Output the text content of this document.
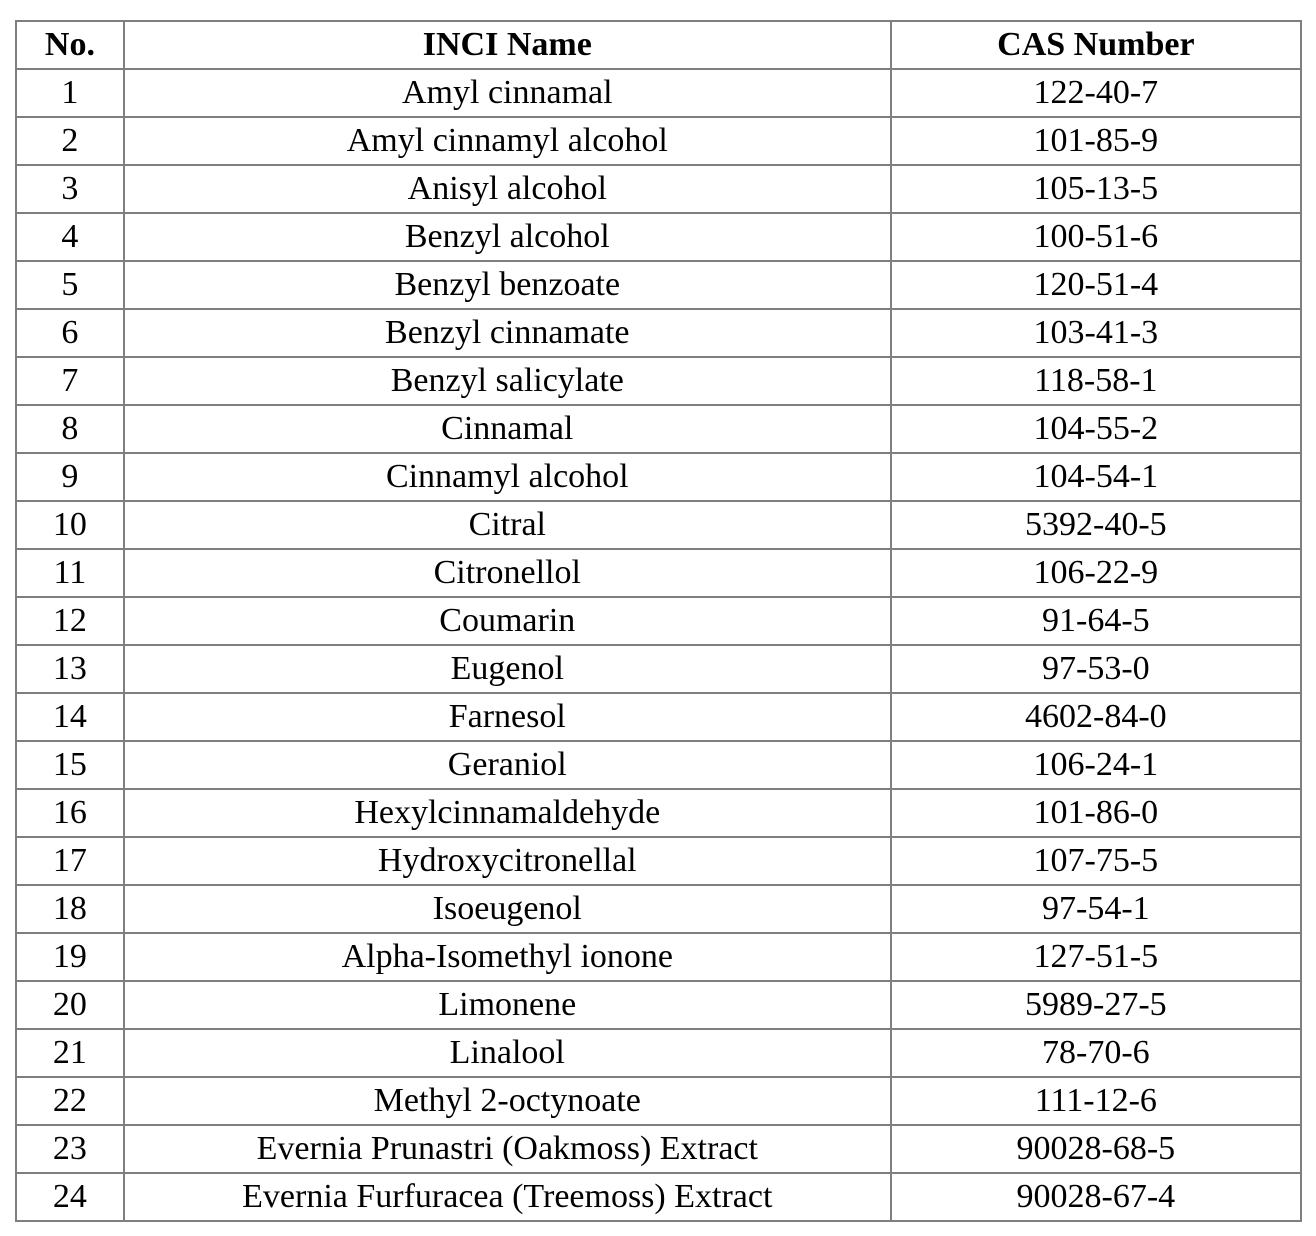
No.	INCI Name	CAS Number
1	Amyl cinnamal	122-40-7
2	Amyl cinnamyl alcohol	101-85-9
3	Anisyl alcohol	105-13-5
4	Benzyl alcohol	100-51-6
5	Benzyl benzoate	120-51-4
6	Benzyl cinnamate	103-41-3
7	Benzyl salicylate	118-58-1
8	Cinnamal	104-55-2
9	Cinnamyl alcohol	104-54-1
10	Citral	5392-40-5
11	Citronellol	106-22-9
12	Coumarin	91-64-5
13	Eugenol	97-53-0
14	Farnesol	4602-84-0
15	Geraniol	106-24-1
16	Hexylcinnamaldehyde	101-86-0
17	Hydroxycitronellal	107-75-5
18	Isoeugenol	97-54-1
19	Alpha-Isomethyl ionone	127-51-5
20	Limonene	5989-27-5
21	Linalool	78-70-6
22	Methyl 2-octynoate	111-12-6
23	Evernia Prunastri (Oakmoss) Extract	90028-68-5
24	Evernia Furfuracea (Treemoss) Extract	90028-67-4
